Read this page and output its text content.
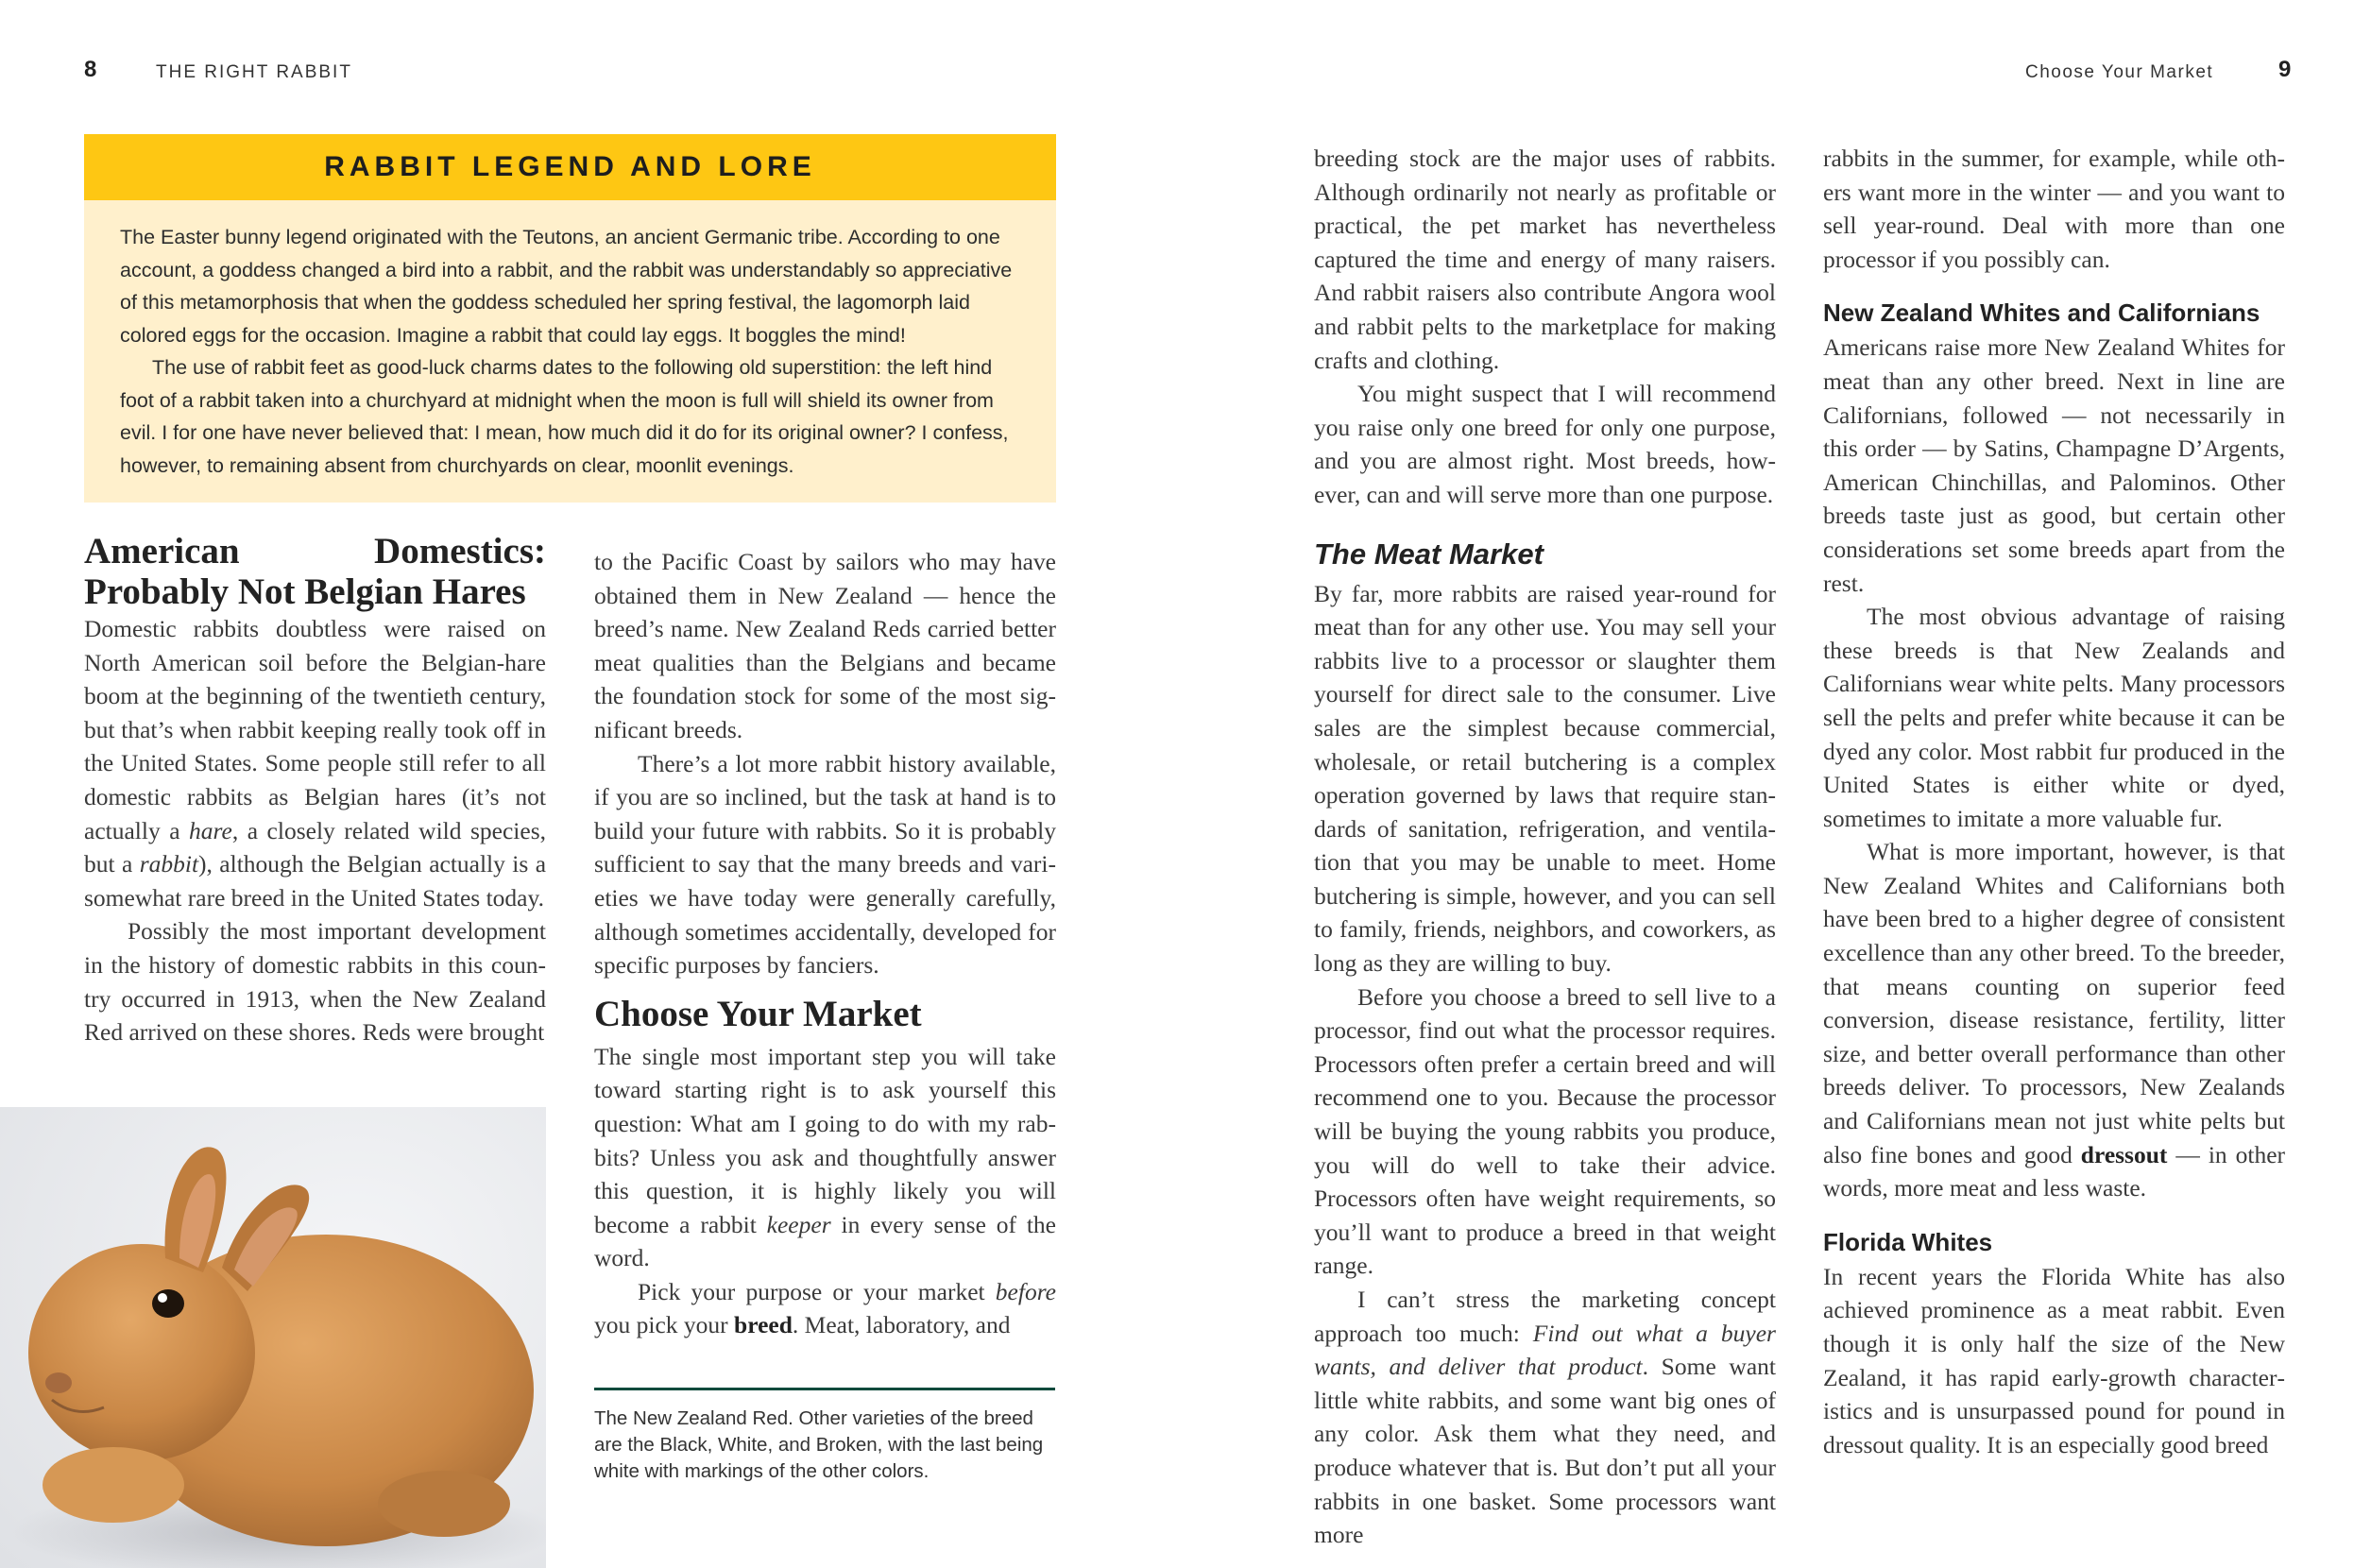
8	THE RIGHT RABBIT
RABBIT LEGEND AND LORE

The Easter bunny legend originated with the Teutons, an ancient Germanic tribe. According to one account, a goddess changed a bird into a rabbit, and the rabbit was understandably so appreciative of this metamorphosis that when the goddess scheduled her spring festival, the lagomorph laid colored eggs for the occasion. Imagine a rabbit that could lay eggs. It boggles the mind!

The use of rabbit feet as good-luck charms dates to the following old superstition: the left hind foot of a rabbit taken into a churchyard at midnight when the moon is full will shield its owner from evil. I for one have never believed that: I mean, how much did it do for its original owner? I confess, however, to remaining absent from churchyards on clear, moonlit evenings.

American Domestics: Probably Not Belgian Hares

Domestic rabbits doubtless were raised on North American soil before the Belgian-hare boom at the beginning of the twentieth century, but that’s when rabbit keeping really took off in the United States. Some people still refer to all domestic rabbits as Belgian hares (it’s not actually a hare, a closely related wild species, but a rabbit), although the Belgian actually is a somewhat rare breed in the United States today.

Possibly the most important development in the history of domestic rabbits in this country occurred in 1913, when the New Zealand Red arrived on these shores. Reds were brought

to the Pacific Coast by sailors who may have obtained them in New Zealand — hence the breed’s name. New Zealand Reds carried better meat qualities than the Belgians and became the foundation stock for some of the most significant breeds.

There’s a lot more rabbit history available, if you are so inclined, but the task at hand is to build your future with rabbits. So it is probably sufficient to say that the many breeds and varieties we have today were generally carefully, although sometimes accidentally, developed for specific purposes by fanciers.

Choose Your Market

The single most important step you will take toward starting right is to ask yourself this question: What am I going to do with my rabbits? Unless you ask and thoughtfully answer this question, it is highly likely you will become a rabbit keeper in every sense of the word.

Pick your purpose or your market before you pick your breed. Meat, laboratory, and

The New Zealand Red. Other varieties of the breed are the Black, White, and Broken, with the last being white with markings of the other colors.
Choose Your Market	9

breeding stock are the major uses of rabbits. Although ordinarily not nearly as profitable or practical, the pet market has nevertheless captured the time and energy of many raisers. And rabbit raisers also contribute Angora wool and rabbit pelts to the marketplace for making crafts and clothing.

You might suspect that I will recommend you raise only one breed for only one purpose, and you are almost right. Most breeds, however, can and will serve more than one purpose.

The Meat Market

By far, more rabbits are raised year-round for meat than for any other use. You may sell your rabbits live to a processor or slaughter them yourself for direct sale to the consumer. Live sales are the simplest because commercial, wholesale, or retail butchering is a complex operation governed by laws that require standards of sanitation, refrigeration, and ventilation that you may be unable to meet. Home butchering is simple, however, and you can sell to family, friends, neighbors, and coworkers, as long as they are willing to buy.

Before you choose a breed to sell live to a processor, find out what the processor requires. Processors often prefer a certain breed and will recommend one to you. Because the processor will be buying the young rabbits you produce, you will do well to take their advice. Processors often have weight requirements, so you’ll want to produce a breed in that weight range.

I can’t stress the marketing concept approach too much: Find out what a buyer wants, and deliver that product. Some want little white rabbits, and some want big ones of any color. Ask them what they need, and produce whatever that is. But don’t put all your rabbits in one basket. Some processors want more

rabbits in the summer, for example, while others want more in the winter — and you want to sell year-round. Deal with more than one processor if you possibly can.

New Zealand Whites and Californians

Americans raise more New Zealand Whites for meat than any other breed. Next in line are Californians, followed — not necessarily in this order — by Satins, Champagne D’Argents, American Chinchillas, and Palominos. Other breeds taste just as good, but certain other considerations set some breeds apart from the rest.

The most obvious advantage of raising these breeds is that New Zealands and Californians wear white pelts. Many processors sell the pelts and prefer white because it can be dyed any color. Most rabbit fur produced in the United States is either white or dyed, sometimes to imitate a more valuable fur.

What is more important, however, is that New Zealand Whites and Californians both have been bred to a higher degree of consistent excellence than any other breed. To the breeder, that means counting on superior feed conversion, disease resistance, fertility, litter size, and better overall performance than other breeds deliver. To processors, New Zealands and Californians mean not just white pelts but also fine bones and good dressout — in other words, more meat and less waste.

Florida Whites

In recent years the Florida White has also achieved prominence as a meat rabbit. Even though it is only half the size of the New Zealand, it has rapid early-growth characteristics and is unsurpassed pound for pound in dressout quality. It is an especially good breed
